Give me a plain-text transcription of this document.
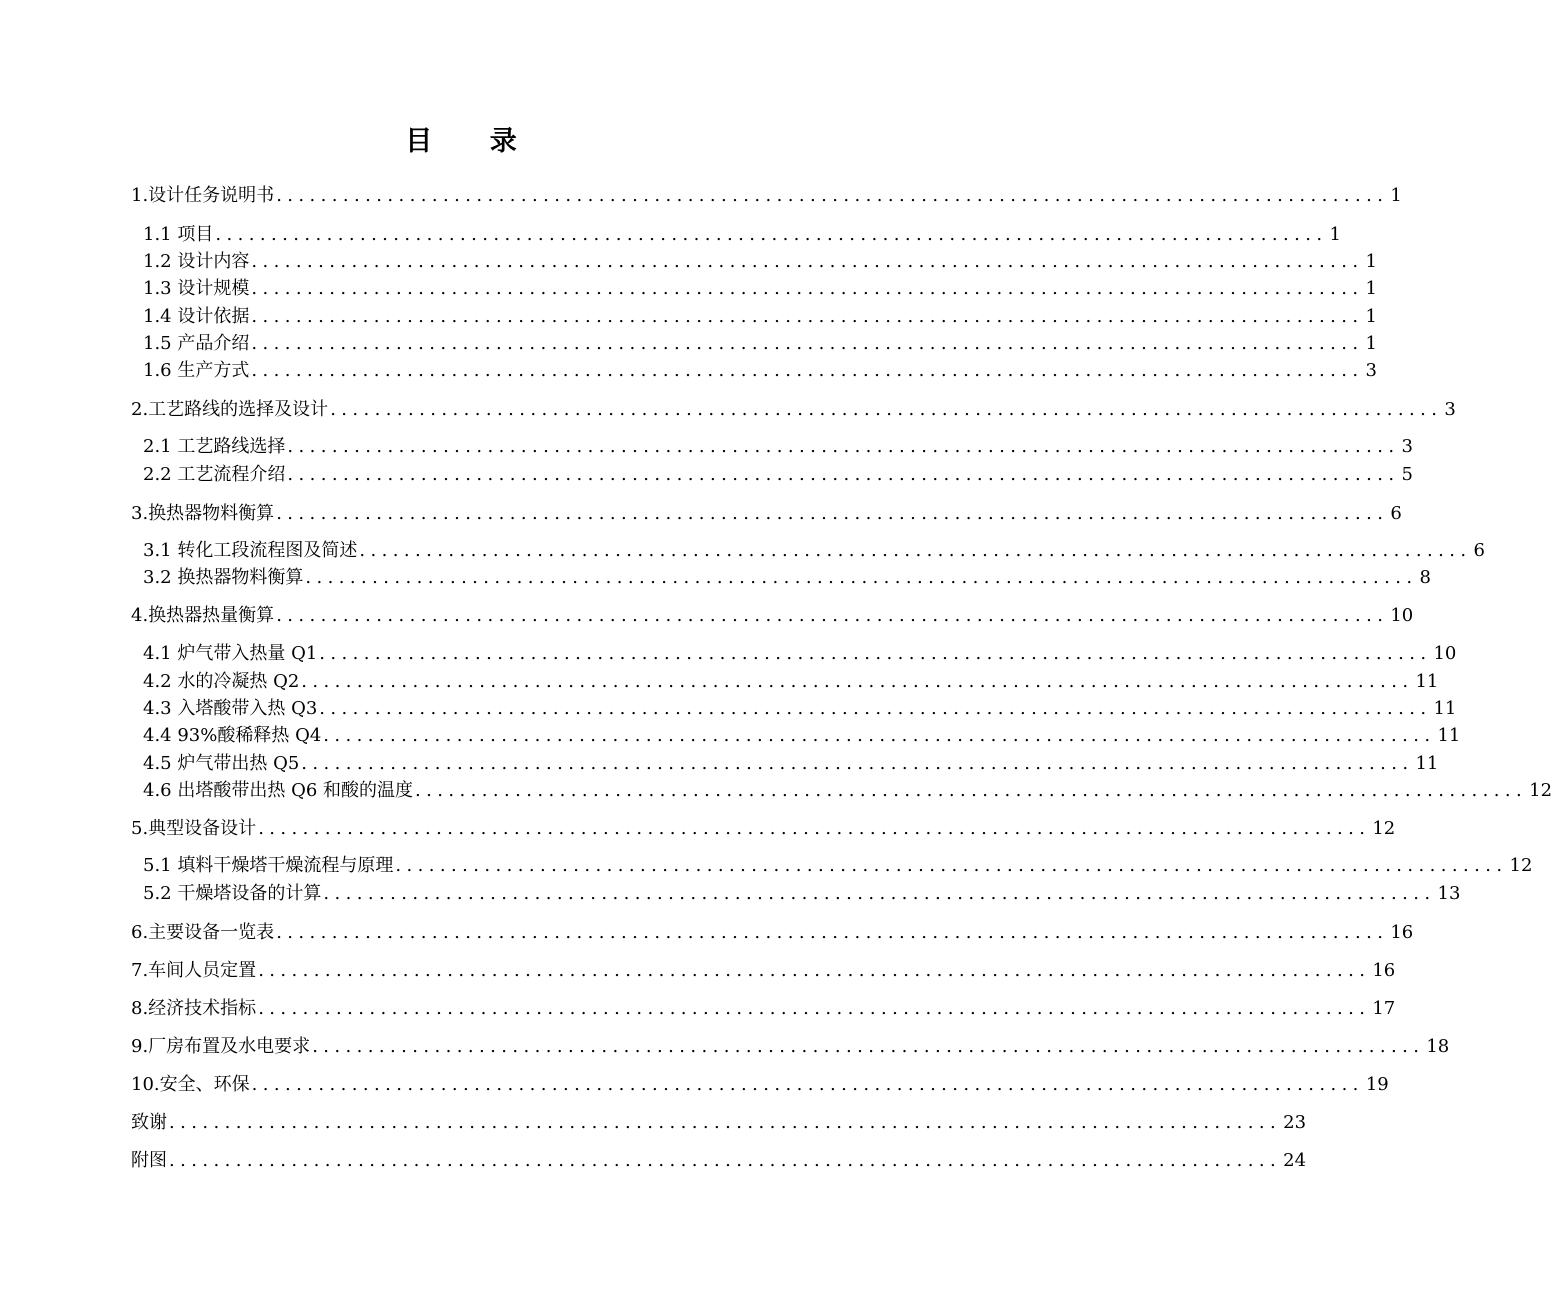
目 录
1.设计任务说明书 .................................................................................................... 1
1.1 项目 .................................................................................................... 1
1.2 设计内容 .................................................................................................... 1
1.3 设计规模 .................................................................................................... 1
1.4 设计依据 .................................................................................................... 1
1.5 产品介绍 .................................................................................................... 1
1.6 生产方式 .................................................................................................... 3
2.工艺路线的选择及设计 .................................................................................................... 3
2.1 工艺路线选择 .................................................................................................... 3
2.2 工艺流程介绍 .................................................................................................... 5
3.换热器物料衡算 .................................................................................................... 6
3.1 转化工段流程图及简述 .................................................................................................... 6
3.2 换热器物料衡算 .................................................................................................... 8
4.换热器热量衡算 .................................................................................................... 10
4.1 炉气带入热量 Q1 .................................................................................................... 10
4.2 水的冷凝热 Q2 .................................................................................................... 11
4.3 入塔酸带入热 Q3 .................................................................................................... 11
4.4 93%酸稀释热 Q4 .................................................................................................... 11
4.5 炉气带出热 Q5 .................................................................................................... 11
4.6 出塔酸带出热 Q6 和酸的温度 .................................................................................................... 12
5.典型设备设计 .................................................................................................... 12
5.1 填料干燥塔干燥流程与原理 .................................................................................................... 12
5.2 干燥塔设备的计算 .................................................................................................... 13
6.主要设备一览表 .................................................................................................... 16
7.车间人员定置 .................................................................................................... 16
8.经济技术指标 .................................................................................................... 17
9.厂房布置及水电要求 .................................................................................................... 18
10.安全、环保 .................................................................................................... 19
致谢 .................................................................................................... 23
附图 .................................................................................................... 24
